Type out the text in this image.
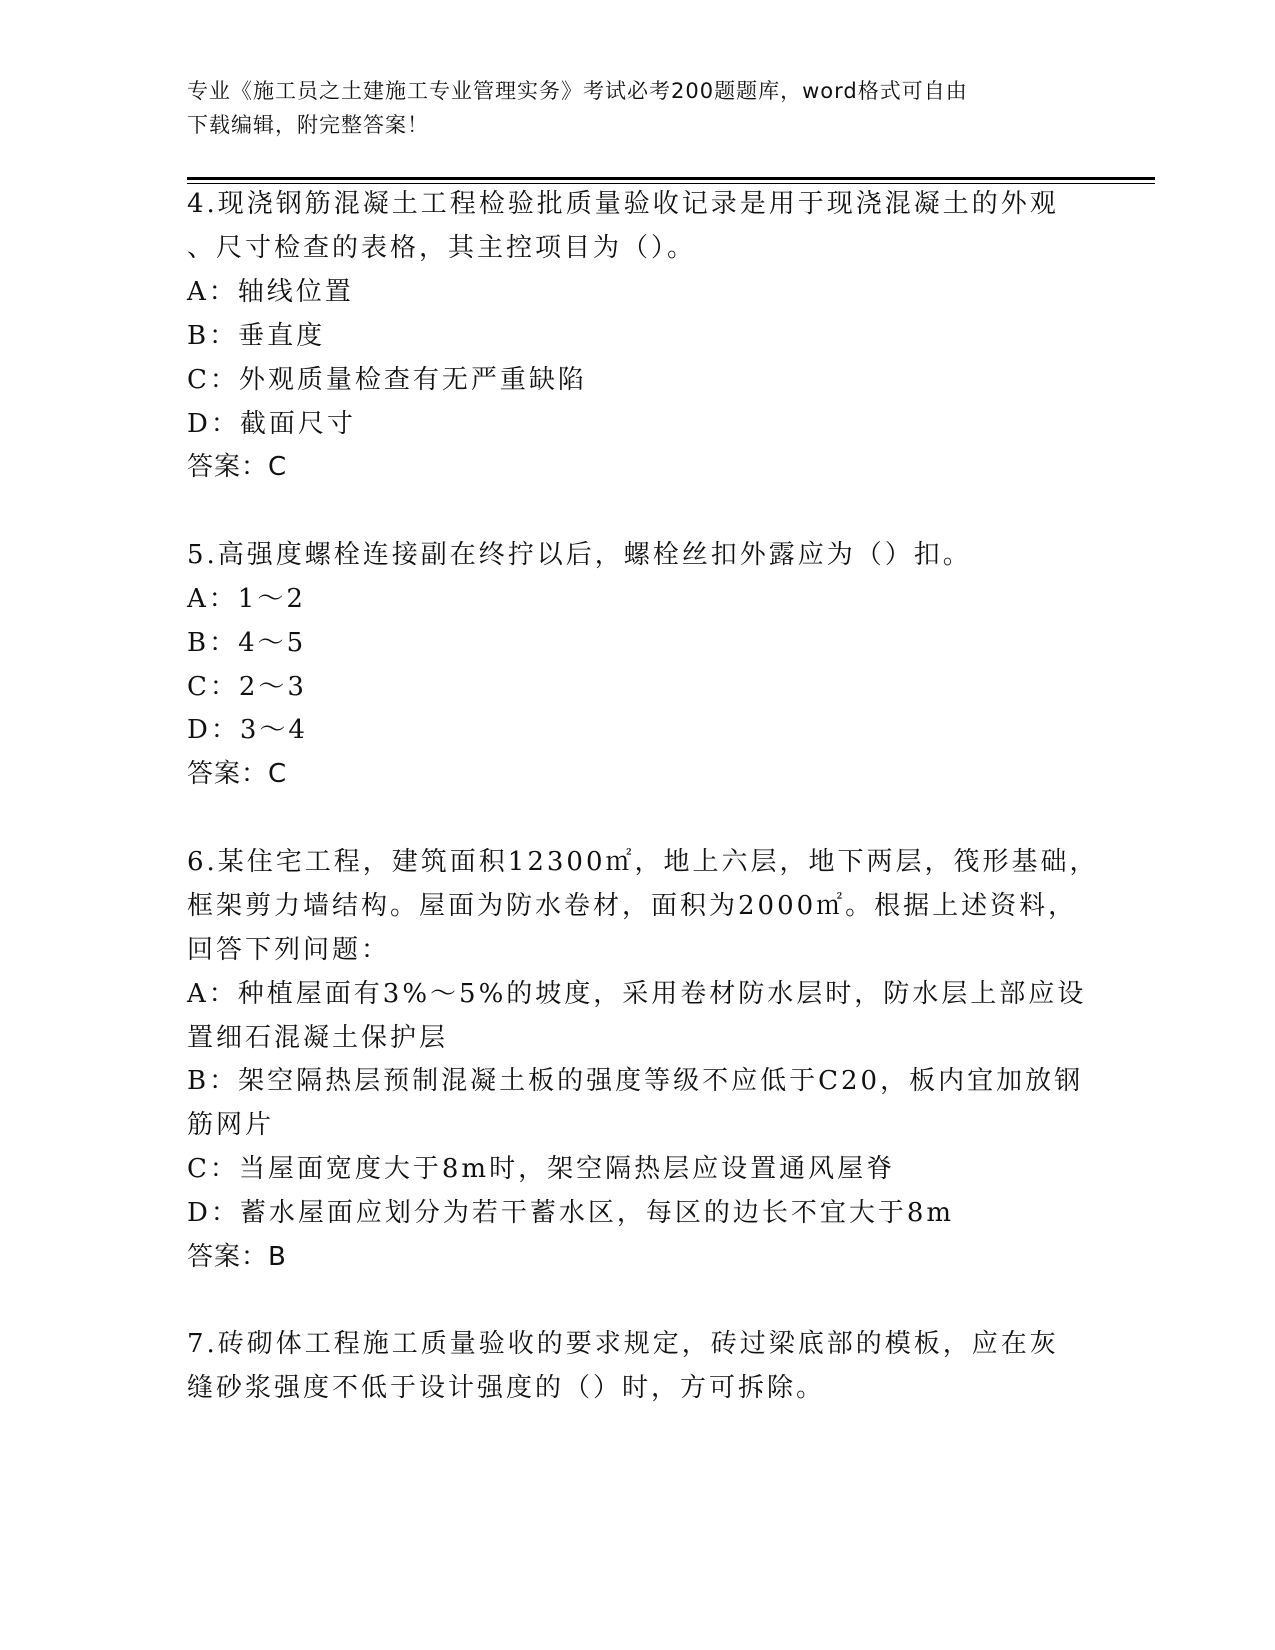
专业《施工员之土建施工专业管理实务》考试必考200题题库，word格式可自由
下载编辑，附完整答案！
4.现浇钢筋混凝土工程检验批质量验收记录是用于现浇混凝土的外观
、尺寸检查的表格，其主控项目为（）。
A：轴线位置
B：垂直度
C：外观质量检查有无严重缺陷
D：截面尺寸
答案：C
5.高强度螺栓连接副在终拧以后，螺栓丝扣外露应为（）扣。
A：1～2
B：4～5
C：2～3
D：3～4
答案：C
6.某住宅工程，建筑面积12300㎡，地上六层，地下两层，筏形基础，
框架剪力墙结构。屋面为防水卷材，面积为2000㎡。根据上述资料，
回答下列问题：
A：种植屋面有3%～5%的坡度，采用卷材防水层时，防水层上部应设
置细石混凝土保护层
B：架空隔热层预制混凝土板的强度等级不应低于C20，板内宜加放钢
筋网片
C：当屋面宽度大于8m时，架空隔热层应设置通风屋脊
D：蓄水屋面应划分为若干蓄水区，每区的边长不宜大于8m
答案：B
7.砖砌体工程施工质量验收的要求规定，砖过梁底部的模板，应在灰
缝砂浆强度不低于设计强度的（）时，方可拆除。
